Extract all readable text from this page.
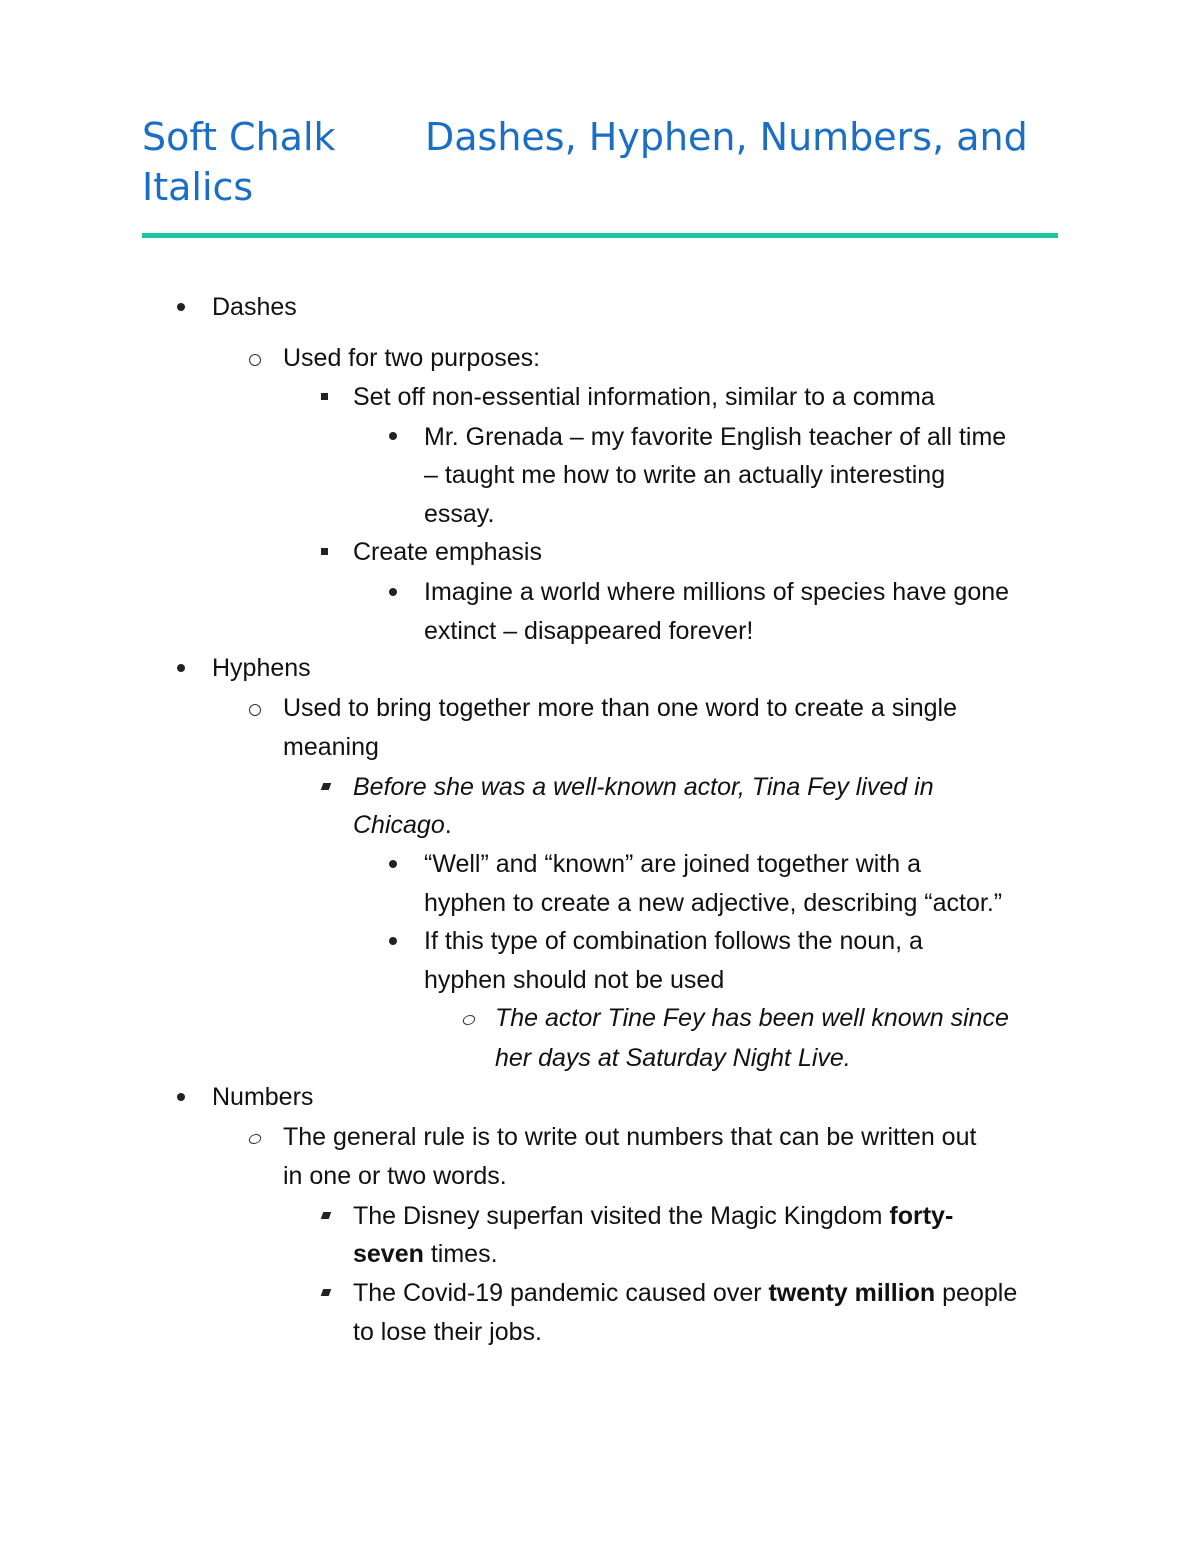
Soft Chalk Dashes, Hyphen, Numbers, and
Italics
Dashes
Used for two purposes:
Set off non-essential information, similar to a comma
Mr. Grenada – my favorite English teacher of all time
– taught me how to write an actually interesting
essay.
Create emphasis
Imagine a world where millions of species have gone
extinct – disappeared forever!
Hyphens
Used to bring together more than one word to create a single
meaning
Before she was a well-known actor, Tina Fey lived in
Chicago.
“Well” and “known” are joined together with a
hyphen to create a new adjective, describing “actor.”
If this type of combination follows the noun, a
hyphen should not be used
The actor Tine Fey has been well known since
her days at Saturday Night Live.
Numbers
The general rule is to write out numbers that can be written out
in one or two words.
The Disney superfan visited the Magic Kingdom forty-
seven times.
The Covid-19 pandemic caused over twenty million people
to lose their jobs.
